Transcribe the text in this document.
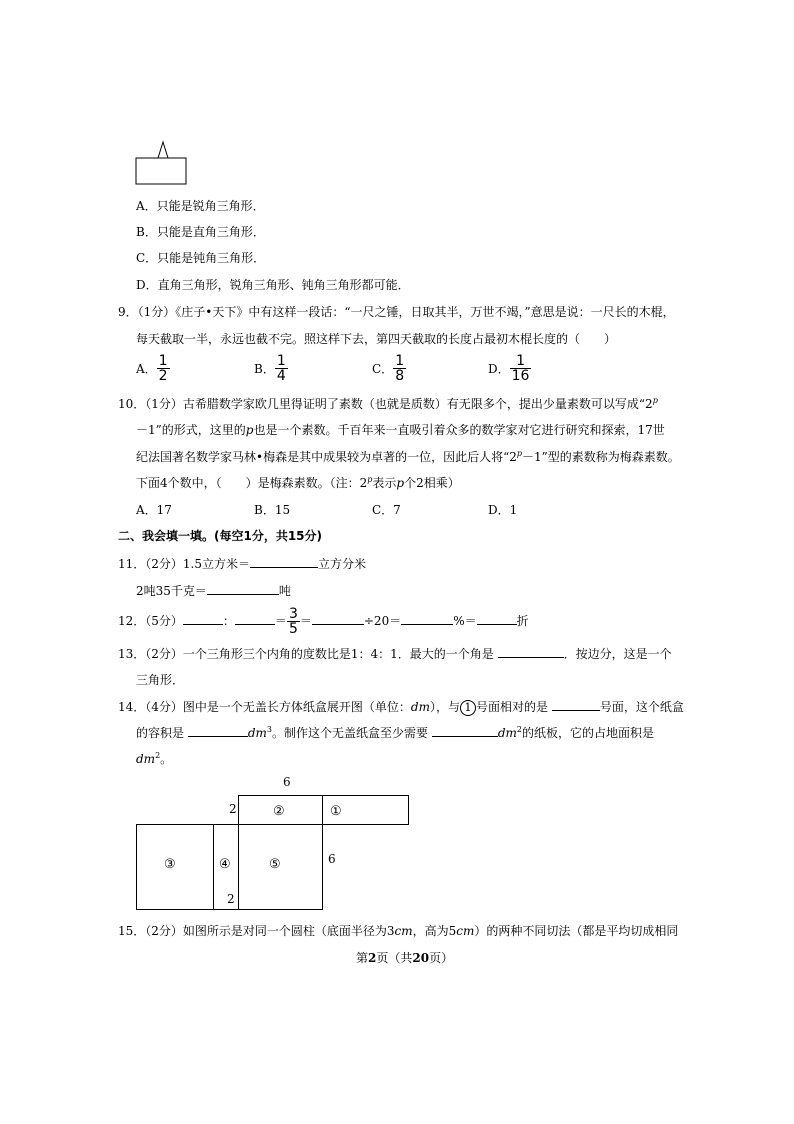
A．只能是锐角三角形．
B．只能是直角三角形．
C．只能是钝角三角形．
D．直角三角形，锐角三角形、钝角三角形都可能．
9．（1分）《庄子•天下》中有这样一段话：“一尺之锤，日取其半，万世不竭，”意思是说：一尺长的木棍，
每天截取一半，永远也截不完。照这样下去，第四天截取的长度占最初木棍长度的（　　）
A． $\frac{1}{2}$	B． $\frac{1}{4}$	C． $\frac{1}{8}$	D． $\frac{1}{16}$
10．（1分）古希腊数学家欧几里得证明了素数（也就是质数）有无限多个，提出少量素数可以写成“$2^p$
－1”的形式，这里的p也是一个素数。千百年来一直吸引着众多的数学家对它进行研究和探索，17世
纪法国著名数学家马林•梅森是其中成果较为卓著的一位，因此后人将“$2^p-1$”型的素数称为梅森素数。
下面4个数中，（　　）是梅森素数。（注：2$^p$表示p个2相乘）
A．17	B．15	C．7	D．1
二、我会填一填。(每空1分，共15分)
11．（2分）1.5立方米＝	立方分米
2吨35千克＝	吨
12．（5分）	：	＝ $\frac{3}{5}$ ＝	÷20＝	%＝	折
13．（2分）一个三角形三个内角的度数比是1：4：1．最大的一个角是	．按边分，这是一个
三角形．
14．（4分）图中是一个无盖长方体纸盒展开图（单位：dm），与 1 号面相对的是	号面，这个纸盒
的容积是	$dm^3$。制作这个无盖纸盒至少需要	$dm^2$的纸板，它的占地面积是
$dm^2$。
6
2
6
2
②	①
③	④	⑤
15．（2分）如图所示是对同一个圆柱（底面半径为3cm，高为5cm）的两种不同切法（都是平均切成相同
第2页（共20页）
